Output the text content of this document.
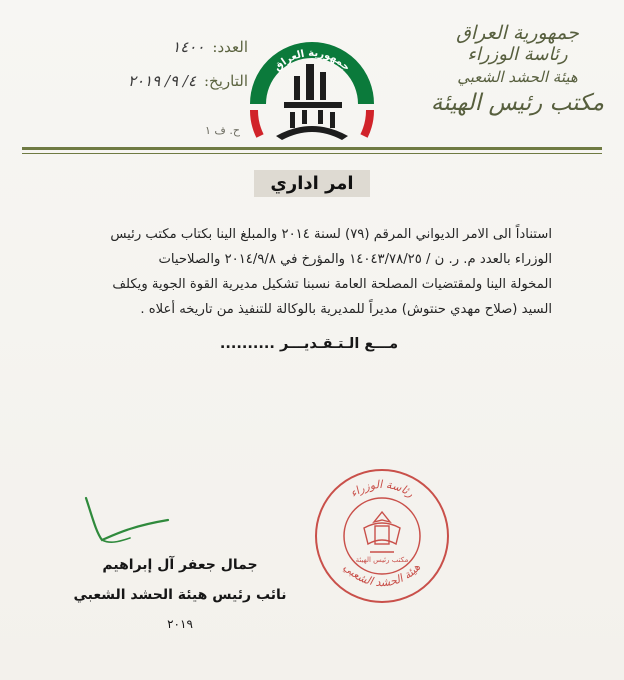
جمهورية العراق
رئاسة الوزراء
هيئة الحشد الشعبي
مكتب رئيس الهيئة
العدد:
١٤٠٠
التاريخ:
٤/ ٩/ ٢٠١٩
جمهورية العراق
ح. ف ١
امر اداري
استناداً الى الامر الديواني المرقم (٧٩) لسنة ٢٠١٤ والمبلغ الينا بكتاب مكتب رئيس
الوزراء بالعدد م. ر. ن / ١٤٠٤٣/٧٨/٢٥ والمؤرخ في ٢٠١٤/٩/٨ والصلاحيات
المخولة الينا ولمقتضيات المصلحة العامة نسبنا تشكيل مديرية القوة الجوية ويكلف
السيد (صلاح مهدي حنتوش) مديراً للمديرية بالوكالة للتنفيذ من تاريخه أعلاه .
مـــع الـتـقـديـــر ..........
رئاسة الوزراء
هيئة الحشد الشعبي
مكتب رئيس الهيئة
جمال جعفر آل إبراهيم
نائب رئيس هيئة الحشد الشعبي
٢٠١٩
